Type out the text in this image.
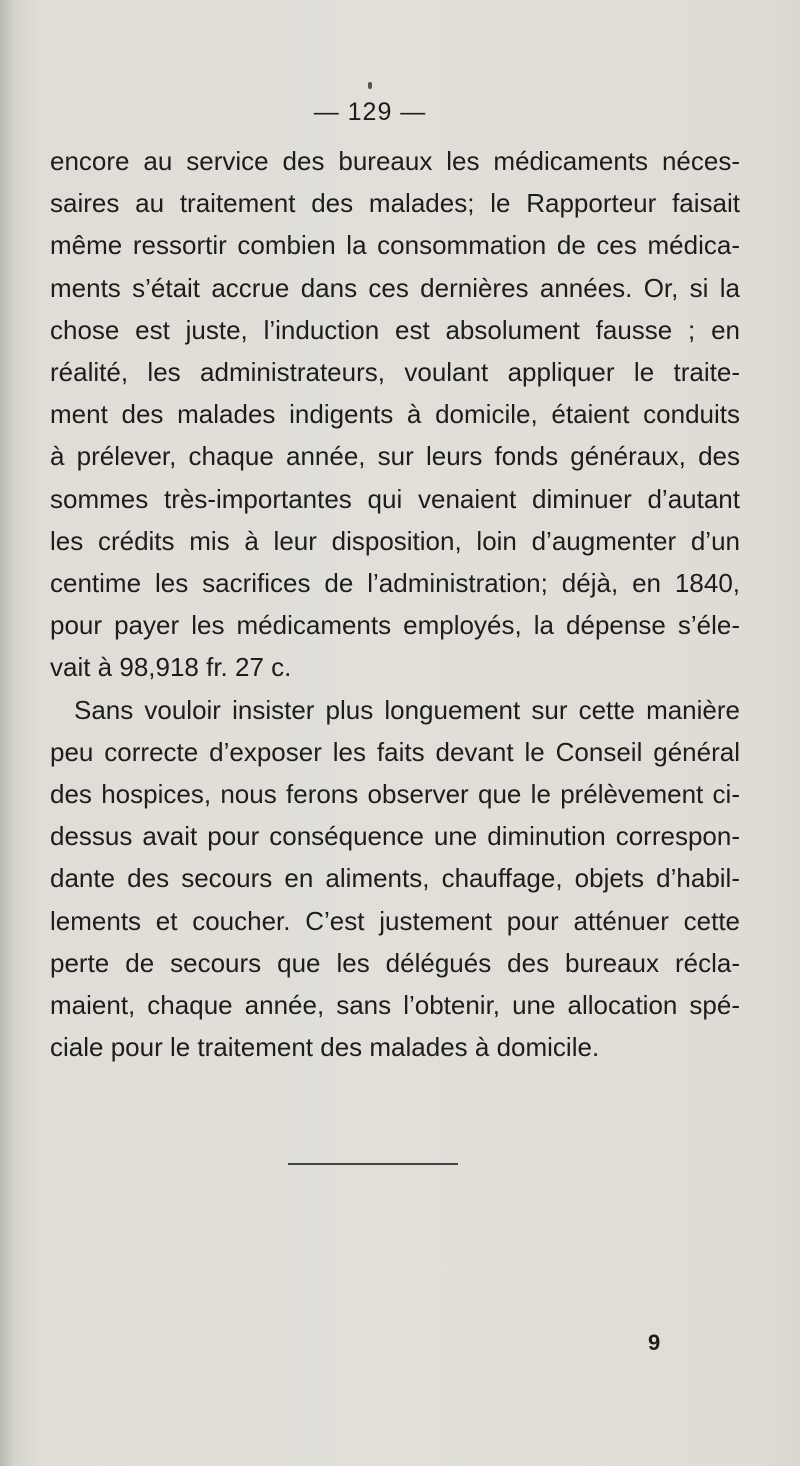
— 129 —
encore au service des bureaux les médicaments néces-
saires au traitement des malades; le Rapporteur faisait
même ressortir combien la consommation de ces médica-
ments s’était accrue dans ces dernières années. Or, si la
chose est juste, l’induction est absolument fausse ; en
réalité, les administrateurs, voulant appliquer le traite-
ment des malades indigents à domicile, étaient conduits
à prélever, chaque année, sur leurs fonds généraux, des
sommes très-importantes qui venaient diminuer d’autant
les crédits mis à leur disposition, loin d’augmenter d’un
centime les sacrifices de l’administration; déjà, en 1840,
pour payer les médicaments employés, la dépense s’éle-
vait à 98,918 fr. 27 c.
Sans vouloir insister plus longuement sur cette manière
peu correcte d’exposer les faits devant le Conseil général
des hospices, nous ferons observer que le prélèvement ci-
dessus avait pour conséquence une diminution correspon-
dante des secours en aliments, chauffage, objets d’habil-
lements et coucher. C’est justement pour atténuer cette
perte de secours que les délégués des bureaux récla-
maient, chaque année, sans l’obtenir, une allocation spé-
ciale pour le traitement des malades à domicile.
9
